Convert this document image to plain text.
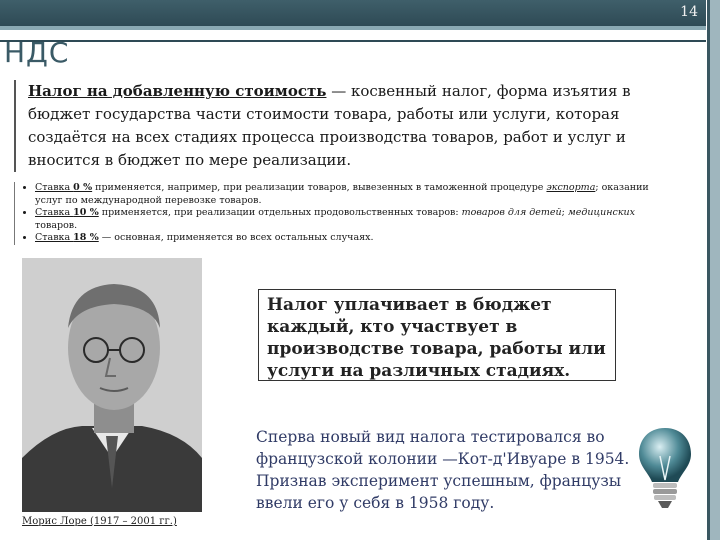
14
НДС
Налог на добавленную стоимость — косвенный налог, форма изъятия в бюджет государства части стоимости товара, работы или услуги, которая создаётся на всех стадиях процесса производства товаров, работ и услуг и вносится в бюджет по мере реализации.
• Ставка 0 % применяется, например, при реализации товаров, вывезенных в таможенной процедуре экспорта; оказании услуг по международной перевозке товаров.
• Ставка 10 % применяется, при реализации отдельных продовольственных товаров: товаров для детей; медицинских товаров.
• Ставка 18 % — основная, применяется во всех остальных случаях.
Морис Лоре (1917 – 2001 гг.)
Налог уплачивает в бюджет каждый, кто участвует в производстве товара, работы или услуги на различных стадиях.
Сперва новый вид налога тестировался во французской колонии —Кот-д'Ивуаре в 1954. Признав эксперимент успешным, французы ввели его у себя в 1958 году.
